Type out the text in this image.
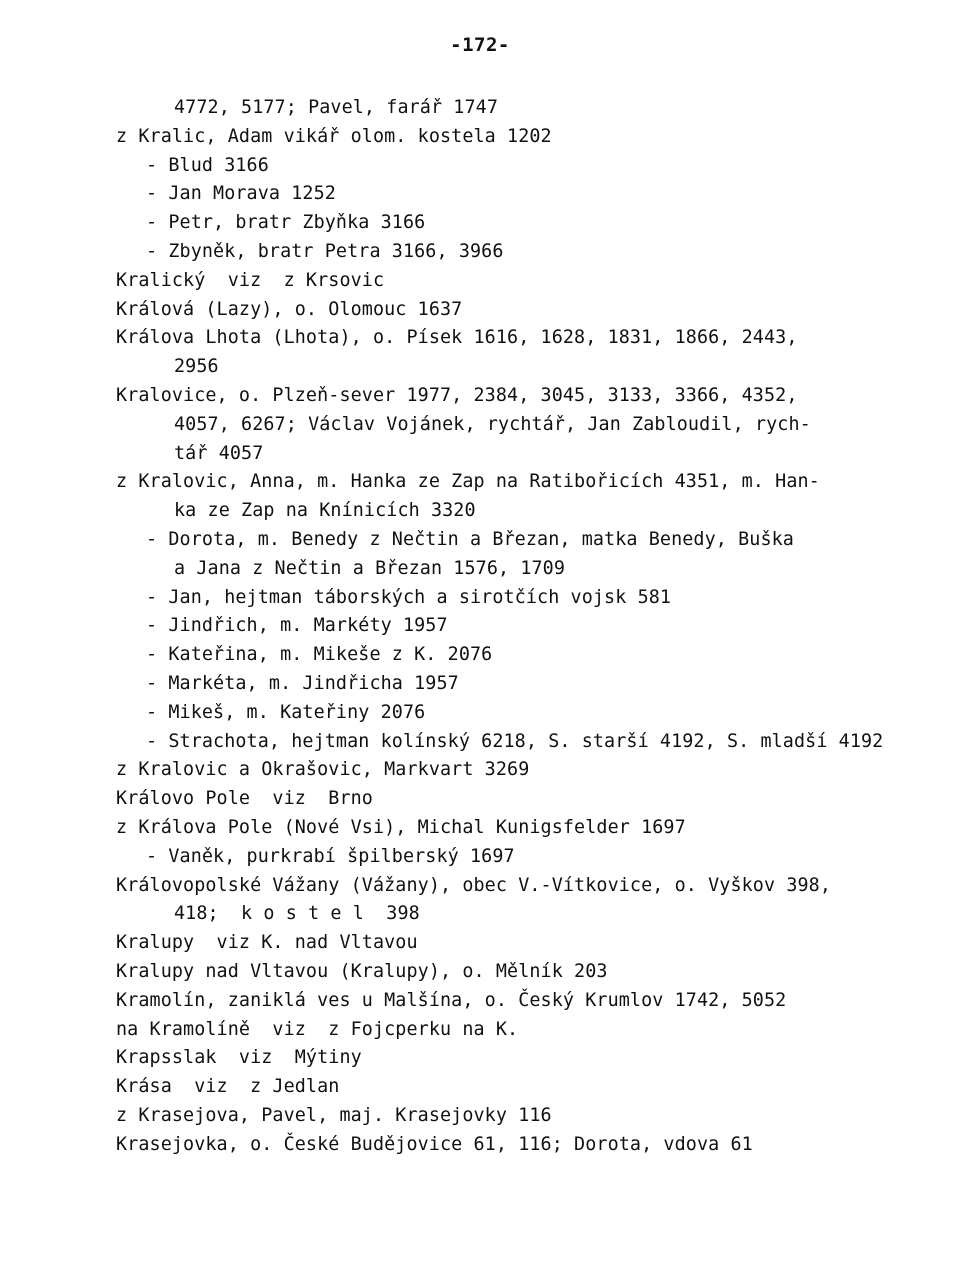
-172-
4772, 5177; Pavel, farář 1747
z Kralic, Adam vikář olom. kostela 1202
- Blud 3166
- Jan Morava 1252
- Petr, bratr Zbyňka 3166
- Zbyněk, bratr Petra 3166, 3966
Kralický  viz  z Krsovic
Králová (Lazy), o. Olomouc 1637
Králova Lhota (Lhota), o. Písek 1616, 1628, 1831, 1866, 2443,
2956
Kralovice, o. Plzeň-sever 1977, 2384, 3045, 3133, 3366, 4352,
4057, 6267; Václav Vojánek, rychtář, Jan Zabloudil, rych-
tář 4057
z Kralovic, Anna, m. Hanka ze Zap na Ratibořicích 4351, m. Han-
ka ze Zap na Knínicích 3320
- Dorota, m. Benedy z Nečtin a Březan, matka Benedy, Buška
a Jana z Nečtin a Březan 1576, 1709
- Jan, hejtman táborských a sirotčích vojsk 581
- Jindřich, m. Markéty 1957
- Kateřina, m. Mikeše z K. 2076
- Markéta, m. Jindřicha 1957
- Mikeš, m. Kateřiny 2076
- Strachota, hejtman kolínský 6218, S. starší 4192, S. mladší 4192
z Kralovic a Okrašovic, Markvart 3269
Královo Pole  viz  Brno
z Králova Pole (Nové Vsi), Michal Kunigsfelder 1697
- Vaněk, purkrabí špilberský 1697
Královopolské Vážany (Vážany), obec V.-Vítkovice, o. Vyškov 398,
418;  k o s t e l  398
Kralupy  viz K. nad Vltavou
Kralupy nad Vltavou (Kralupy), o. Mělník 203
Kramolín, zaniklá ves u Malšína, o. Český Krumlov 1742, 5052
na Kramolíně  viz  z Fojcperku na K.
Krapsslak  viz  Mýtiny
Krása  viz  z Jedlan
z Krasejova, Pavel, maj. Krasejovky 116
Krasejovka, o. České Budějovice 61, 116; Dorota, vdova 61
